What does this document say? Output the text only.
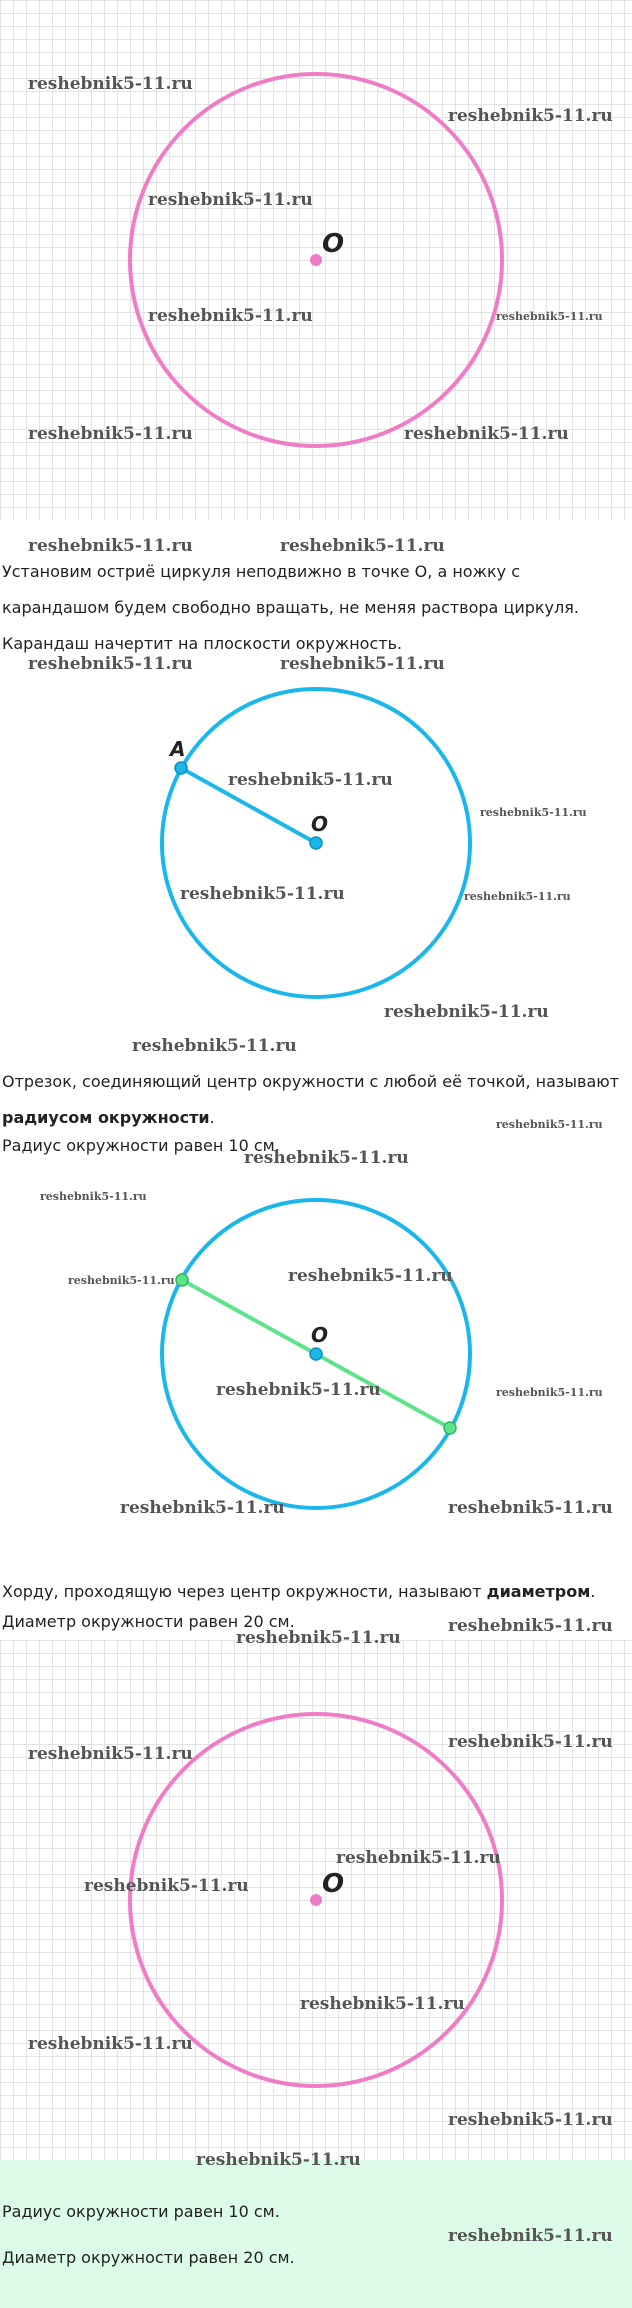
O
Установим остриё циркуля неподвижно в точке O, а ножку с карандашом будем свободно вращать, не меняя раствора циркуля. Карандаш начертит на плоскости окружность.
O
A
Отрезок, соединяющий центр окружности с любой её точкой, называют радиусом окружности.
Радиус окружности равен 10 см.
O
Хорду, проходящую через центр окружности, называют диаметром.
Диаметр окружности равен 20 см.
O
Радиус окружности равен 10 см.
Диаметр окружности равен 20 см.
reshebnik5-11.ru
reshebnik5-11.ru
reshebnik5-11.ru
reshebnik5-11.ru	reshebnik5-11.ru
reshebnik5-11.ru	reshebnik5-11.ru
reshebnik5-11.ru	reshebnik5-11.ru
reshebnik5-11.ru	reshebnik5-11.ru
reshebnik5-11.ru
reshebnik5-11.ru
reshebnik5-11.ru	reshebnik5-11.ru
reshebnik5-11.ru
reshebnik5-11.ru
reshebnik5-11.ru
reshebnik5-11.ru
reshebnik5-11.ru
reshebnik5-11.ru
reshebnik5-11.ru
reshebnik5-11.ru	reshebnik5-11.ru
reshebnik5-11.ru	reshebnik5-11.ru
reshebnik5-11.ru
reshebnik5-11.ru
reshebnik5-11.ru
reshebnik5-11.ru
reshebnik5-11.ru
reshebnik5-11.ru
reshebnik5-11.ru
reshebnik5-11.ru
reshebnik5-11.ru
reshebnik5-11.ru
reshebnik5-11.ru
